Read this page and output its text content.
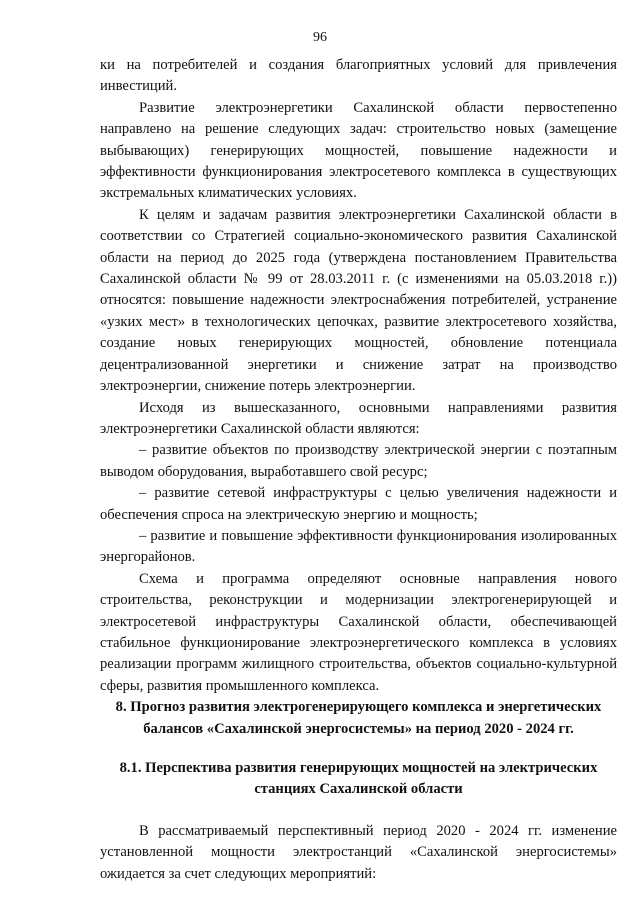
96

ки на потребителей и создания благоприятных условий для привлечения инвестиций.

Развитие электроэнергетики Сахалинской области первостепенно направлено на решение следующих задач: строительство новых (замещение выбывающих) генерирующих мощностей, повышение надежности и эффективности функционирования электросетевого комплекса в существующих экстремальных климатических условиях.

К целям и задачам развития электроэнергетики Сахалинской области в соответствии со Стратегией социально-экономического развития Сахалинской области на период до 2025 года (утверждена постановлением Правительства Сахалинской области № 99 от 28.03.2011 г. (с изменениями на 05.03.2018 г.)) относятся: повышение надежности электроснабжения потребителей, устранение «узких мест» в технологических цепочках, развитие электросетевого хозяйства, создание новых генерирующих мощностей, обновление потенциала децентрализованной энергетики и снижение затрат на производство электроэнергии, снижение потерь электроэнергии.

Исходя из вышесказанного, основными направлениями развития электроэнергетики Сахалинской области являются:

– развитие объектов по производству электрической энергии с поэтапным выводом оборудования, выработавшего свой ресурс;

– развитие сетевой инфраструктуры с целью увеличения надежности и обеспечения спроса на электрическую энергию и мощность;

– развитие и повышение эффективности функционирования изолированных энергорайонов.

Схема и программа определяют основные направления нового строительства, реконструкции и модернизации электрогенерирующей и электросетевой инфраструктуры Сахалинской области, обеспечивающей стабильное функционирование электроэнергетического комплекса в условиях реализации программ жилищного строительства, объектов социально-культурной сферы, развития промышленного комплекса.

8. Прогноз развития электрогенерирующего комплекса и энергетических балансов «Сахалинской энергосистемы» на период 2020 - 2024 гг.
8.1. Перспектива развития генерирующих мощностей на электрических станциях Сахалинской области

В рассматриваемый перспективный период 2020 - 2024 гг. изменение установленной мощности электростанций «Сахалинской энергосистемы» ожидается за счет следующих мероприятий:
